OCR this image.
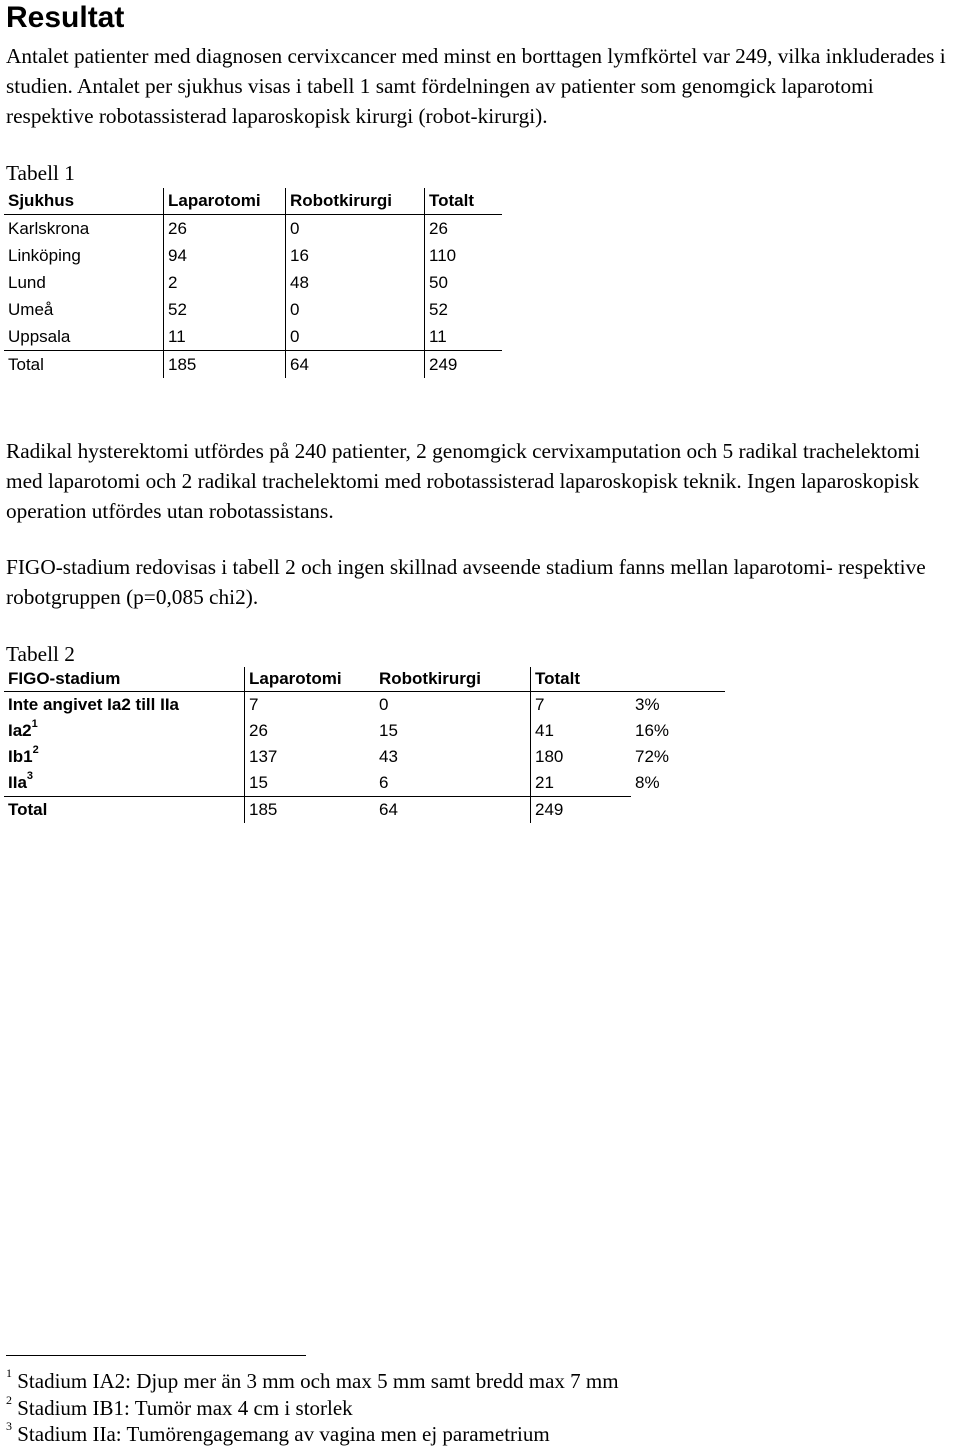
Resultat

Antalet patienter med diagnosen cervixcancer med minst en borttagen lymfkörtel var 249, vilka inkluderades i studien. Antalet per sjukhus visas i tabell 1 samt fördelningen av patienter som genomgick laparotomi respektive robotassisterad laparoskopisk kirurgi (robot-kirurgi).

Tabell 1
Sjukhus	Laparotomi	Robotkirurgi	Totalt
Karlskrona	26	0	26
Linköping	94	16	110
Lund	2	48	50
Umeå	52	0	52
Uppsala	11	0	11
Total	185	64	249

Radikal hysterektomi utfördes på 240 patienter, 2 genomgick cervixamputation och 5 radikal trachelektomi med laparotomi och 2 radikal trachelektomi med robotassisterad laparoskopisk teknik. Ingen laparoskopisk operation utfördes utan robotassistans.

FIGO-stadium redovisas i tabell 2 och ingen skillnad avseende stadium fanns mellan laparotomi- respektive robotgruppen (p=0,085 chi2).

Tabell 2
FIGO-stadium	Laparotomi	Robotkirurgi	Totalt	
Inte angivet Ia2 till IIa	7	0	7	3%
$Ia2^1$	26	15	41	16%
$Ib1^2$	137	43	180	72%
IIa$^3$	15	6	21	8%
Total	185	64	249	
$^1$ Stadium IA2: Djup mer än 3 mm och max 5 mm samt bredd max 7 mm
$^2$ Stadium IB1: Tumör max 4 cm i storlek
$^3$ Stadium IIa: Tumörengagemang av vagina men ej parametrium
